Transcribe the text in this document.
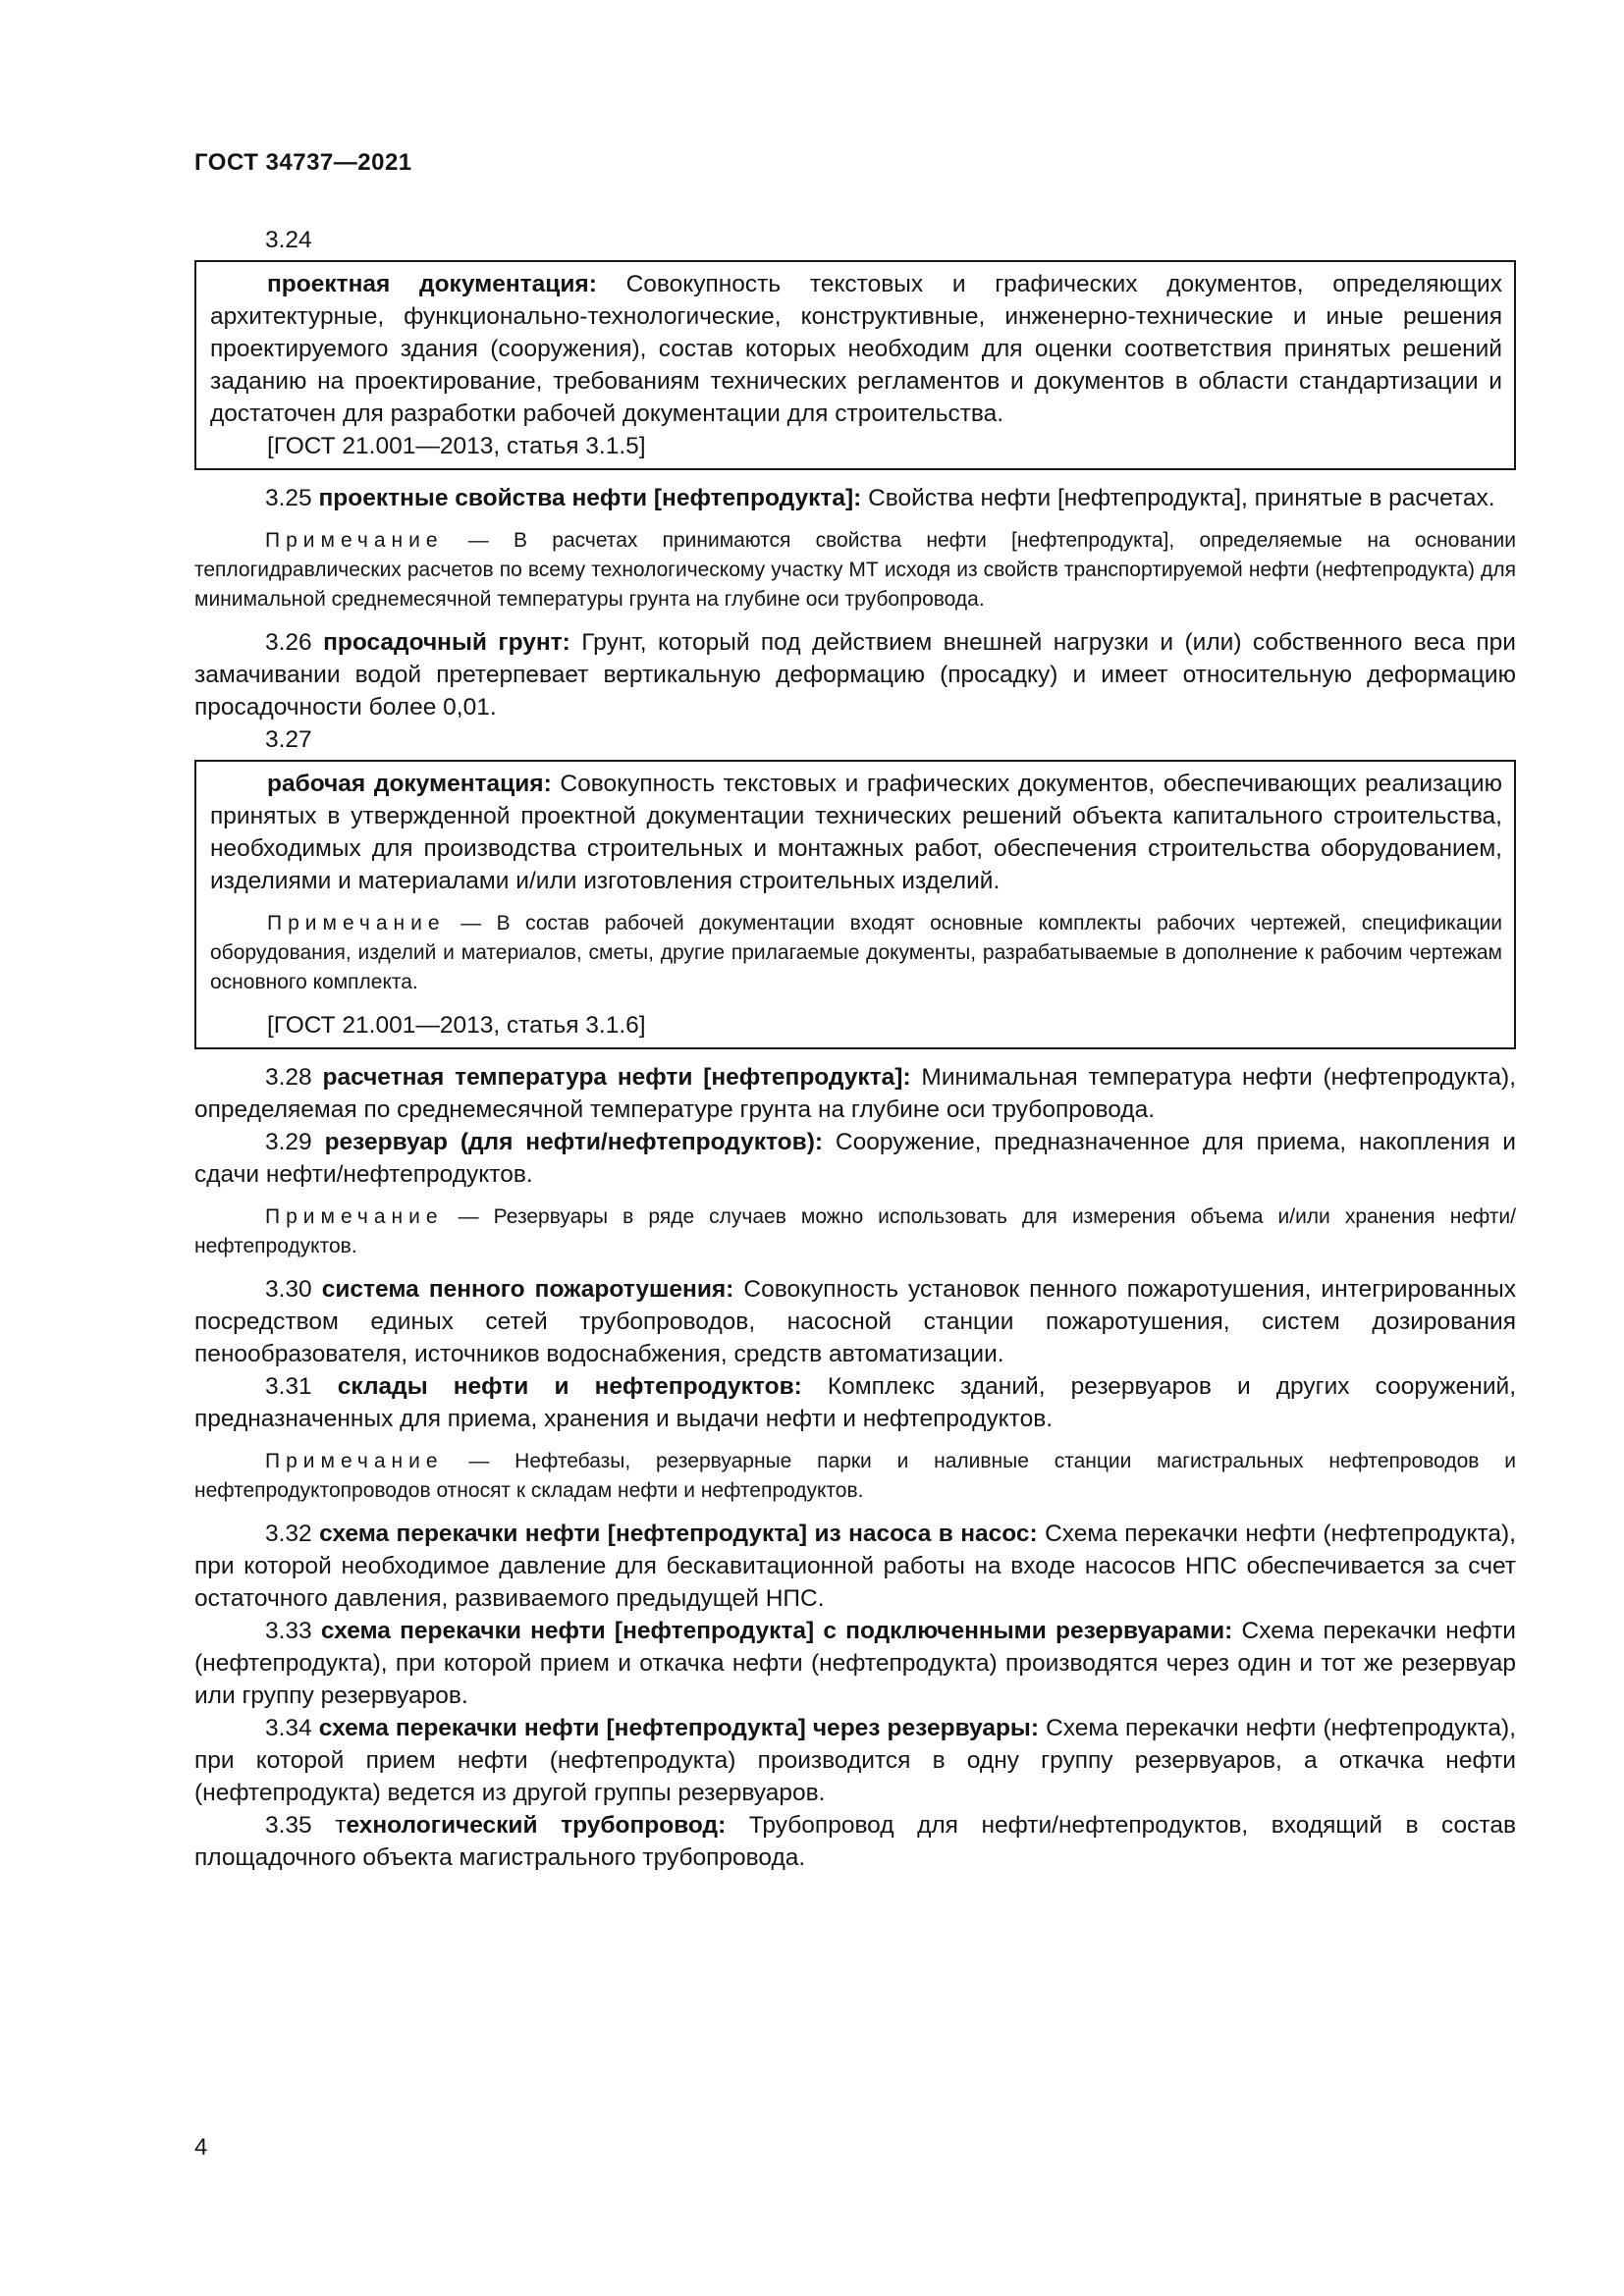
ГОСТ 34737—2021

3.24

проектная документация: Совокупность текстовых и графических документов, определяющих архитектурные, функционально-технологические, конструктивные, инженерно-технические и иные решения проектируемого здания (сооружения), состав которых необходим для оценки соответствия принятых решений заданию на проектирование, требованиям технических регламентов и документов в области стандартизации и достаточен для разработки рабочей документации для строительства.

[ГОСТ 21.001—2013, статья 3.1.5]

3.25 проектные свойства нефти [нефтепродукта]: Свойства нефти [нефтепродукта], принятые в расчетах.

Примечание — В расчетах принимаются свойства нефти [нефтепродукта], определяемые на основании теплогидравлических расчетов по всему технологическому участку МТ исходя из свойств транспортируемой нефти (нефтепродукта) для минимальной среднемесячной температуры грунта на глубине оси трубопровода.

3.26 просадочный грунт: Грунт, который под действием внешней нагрузки и (или) собственного веса при замачивании водой претерпевает вертикальную деформацию (просадку) и имеет относительную деформацию просадочности более 0,01.

3.27

рабочая документация: Совокупность текстовых и графических документов, обеспечивающих реализацию принятых в утвержденной проектной документации технических решений объекта капитального строительства, необходимых для производства строительных и монтажных работ, обеспечения строительства оборудованием, изделиями и материалами и/или изготовления строительных изделий.

Примечание — В состав рабочей документации входят основные комплекты рабочих чертежей, спецификации оборудования, изделий и материалов, сметы, другие прилагаемые документы, разрабатываемые в дополнение к рабочим чертежам основного комплекта.

[ГОСТ 21.001—2013, статья 3.1.6]

3.28 расчетная температура нефти [нефтепродукта]: Минимальная температура нефти (нефтепродукта), определяемая по среднемесячной температуре грунта на глубине оси трубопровода.

3.29 резервуар (для нефти/нефтепродуктов): Сооружение, предназначенное для приема, накопления и сдачи нефти/нефтепродуктов.

Примечание — Резервуары в ряде случаев можно использовать для измерения объема и/или хранения нефти/нефтепродуктов.

3.30 система пенного пожаротушения: Совокупность установок пенного пожаротушения, интегрированных посредством единых сетей трубопроводов, насосной станции пожаротушения, систем дозирования пенообразователя, источников водоснабжения, средств автоматизации.

3.31 склады нефти и нефтепродуктов: Комплекс зданий, резервуаров и других сооружений, предназначенных для приема, хранения и выдачи нефти и нефтепродуктов.

Примечание — Нефтебазы, резервуарные парки и наливные станции магистральных нефтепроводов и нефтепродуктопроводов относят к складам нефти и нефтепродуктов.

3.32 схема перекачки нефти [нефтепродукта] из насоса в насос: Схема перекачки нефти (нефтепродукта), при которой необходимое давление для бескавитационной работы на входе насосов НПС обеспечивается за счет остаточного давления, развиваемого предыдущей НПС.

3.33 схема перекачки нефти [нефтепродукта] с подключенными резервуарами: Схема перекачки нефти (нефтепродукта), при которой прием и откачка нефти (нефтепродукта) производятся через один и тот же резервуар или группу резервуаров.

3.34 схема перекачки нефти [нефтепродукта] через резервуары: Схема перекачки нефти (нефтепродукта), при которой прием нефти (нефтепродукта) производится в одну группу резервуаров, а откачка нефти (нефтепродукта) ведется из другой группы резервуаров.

3.35 технологический трубопровод: Трубопровод для нефти/нефтепродуктов, входящий в состав площадочного объекта магистрального трубопровода.

4
